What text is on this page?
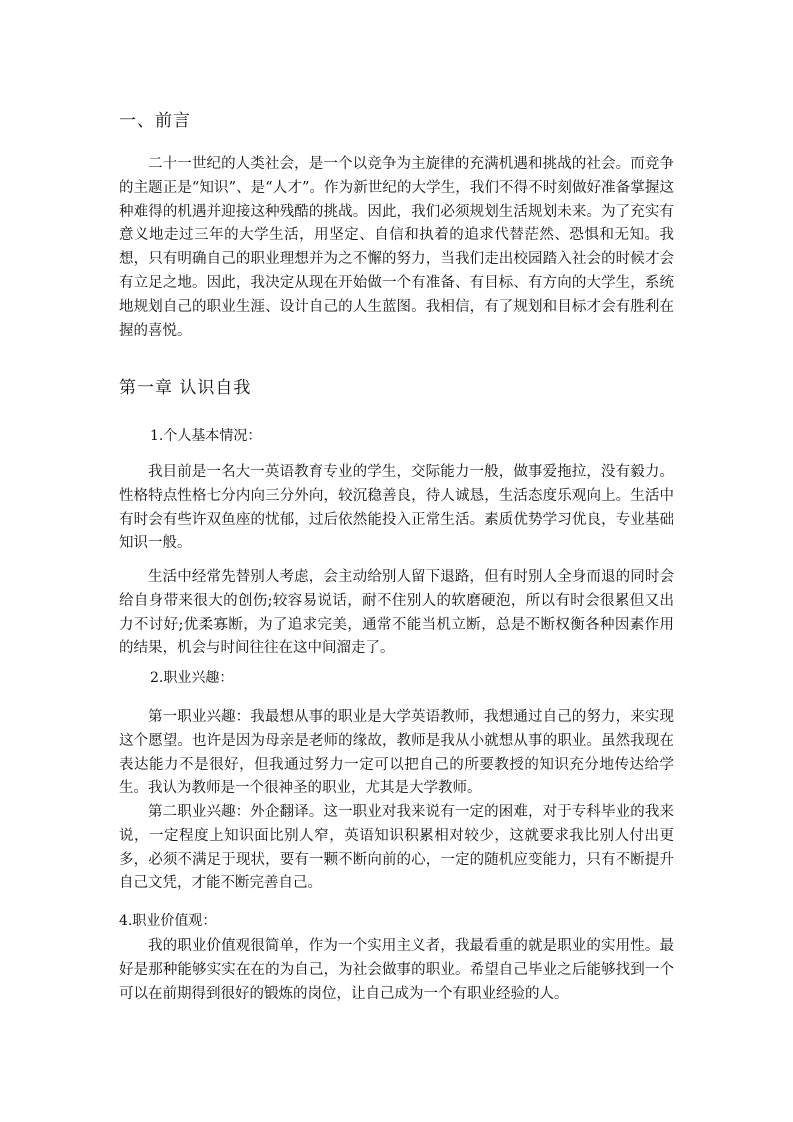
一、前言

二十一世纪的人类社会，是一个以竞争为主旋律的充满机遇和挑战的社会。而竞争的主题正是“知识”、是“人才”。作为新世纪的大学生，我们不得不时刻做好准备掌握这种难得的机遇并迎接这种残酷的挑战。因此，我们必须规划生活规划未来。为了充实有意义地走过三年的大学生活，用坚定、自信和执着的追求代替茫然、恐惧和无知。我想，只有明确自己的职业理想并为之不懈的努力，当我们走出校园踏入社会的时候才会有立足之地。因此，我决定从现在开始做一个有准备、有目标、有方向的大学生，系统地规划自己的职业生涯、设计自己的人生蓝图。我相信，有了规划和目标才会有胜利在握的喜悦。

第一章 认识自我

1.个人基本情况：

我目前是一名大一英语教育专业的学生，交际能力一般，做事爱拖拉，没有毅力。性格特点性格七分内向三分外向，较沉稳善良，待人诚恳，生活态度乐观向上。生活中有时会有些许双鱼座的忧郁，过后依然能投入正常生活。素质优势学习优良，专业基础知识一般。

生活中经常先替别人考虑，会主动给别人留下退路，但有时别人全身而退的同时会给自身带来很大的创伤;较容易说话，耐不住别人的软磨硬泡，所以有时会很累但又出力不讨好;优柔寡断，为了追求完美，通常不能当机立断，总是不断权衡各种因素作用的结果，机会与时间往往在这中间溜走了。

2.职业兴趣：

第一职业兴趣：我最想从事的职业是大学英语教师，我想通过自己的努力，来实现这个愿望。也许是因为母亲是老师的缘故，教师是我从小就想从事的职业。虽然我现在表达能力不是很好，但我通过努力一定可以把自己的所要教授的知识充分地传达给学生。我认为教师是一个很神圣的职业，尤其是大学教师。

第二职业兴趣：外企翻译。这一职业对我来说有一定的困难，对于专科毕业的我来说，一定程度上知识面比别人窄，英语知识积累相对较少，这就要求我比别人付出更多，必须不满足于现状，要有一颗不断向前的心，一定的随机应变能力，只有不断提升自己文凭，才能不断完善自己。

4.职业价值观：

我的职业价值观很简单，作为一个实用主义者，我最看重的就是职业的实用性。最好是那种能够实实在在的为自己，为社会做事的职业。希望自己毕业之后能够找到一个可以在前期得到很好的锻炼的岗位，让自己成为一个有职业经验的人。
